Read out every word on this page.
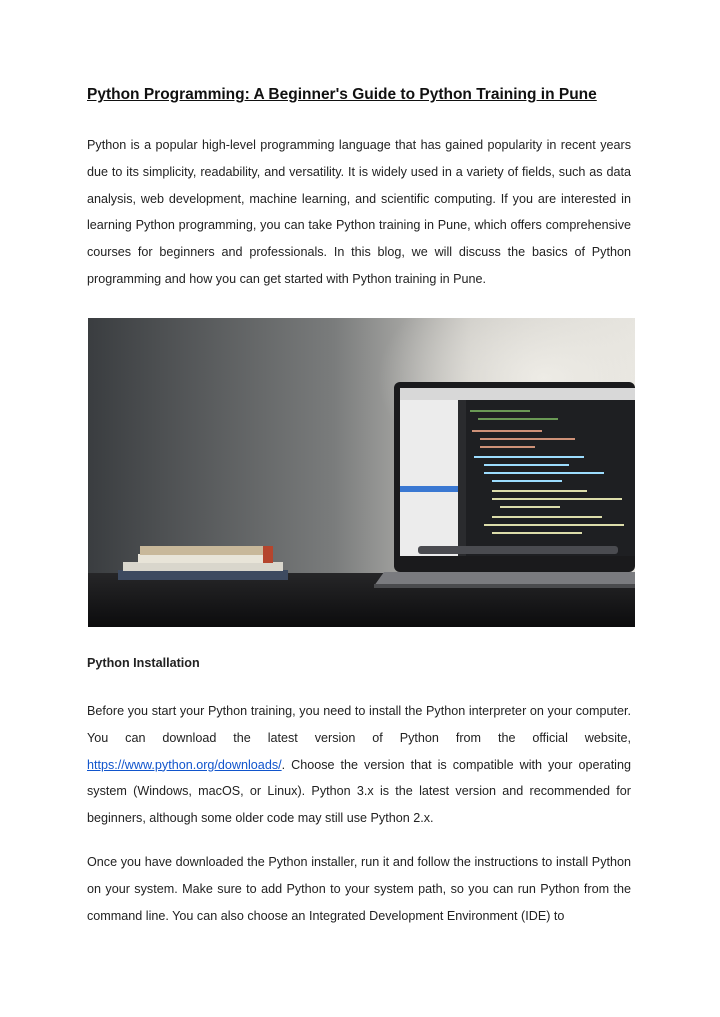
Python Programming: A Beginner's Guide to Python Training in Pune

Python is a popular high-level programming language that has gained popularity in recent years due to its simplicity, readability, and versatility. It is widely used in a variety of fields, such as data analysis, web development, machine learning, and scientific computing. If you are interested in learning Python programming, you can take Python training in Pune, which offers comprehensive courses for beginners and professionals. In this blog, we will discuss the basics of Python programming and how you can get started with Python training in Pune.

Python Installation

Before you start your Python training, you need to install the Python interpreter on your computer. You can download the latest version of Python from the official website, https://www.python.org/downloads/. Choose the version that is compatible with your operating system (Windows, macOS, or Linux). Python 3.x is the latest version and recommended for beginners, although some older code may still use Python 2.x.

Once you have downloaded the Python installer, run it and follow the instructions to install Python on your system. Make sure to add Python to your system path, so you can run Python from the command line. You can also choose an Integrated Development Environment (IDE) to
